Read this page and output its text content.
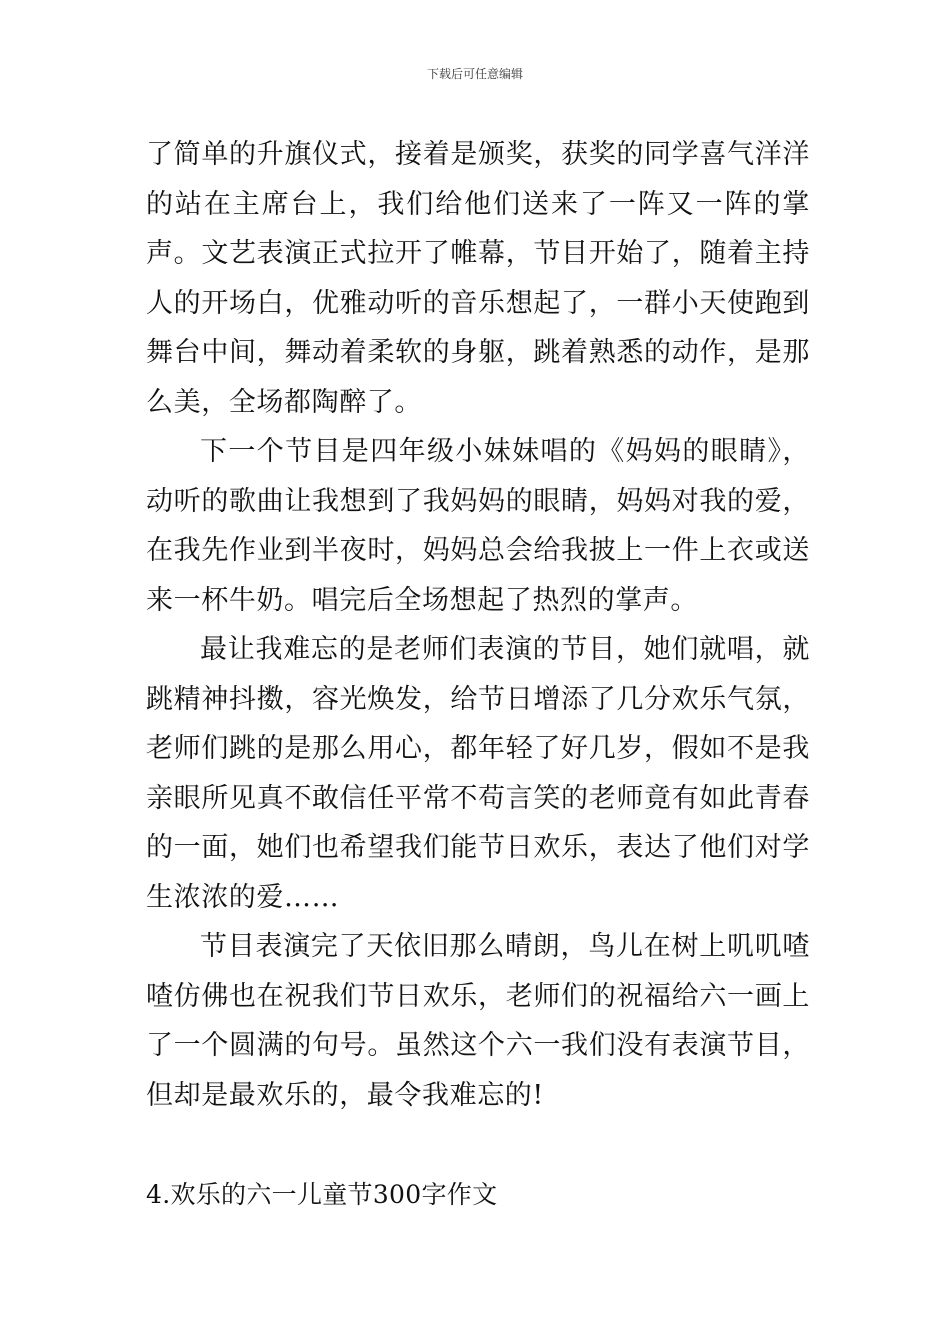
下载后可任意编辑

了简单的升旗仪式，接着是颁奖，获奖的同学喜气洋洋的站在主席台上，我们给他们送来了一阵又一阵的掌声。文艺表演正式拉开了帷幕，节目开始了，随着主持人的开场白，优雅动听的音乐想起了，一群小天使跑到舞台中间，舞动着柔软的身躯，跳着熟悉的动作，是那么美，全场都陶醉了。

下一个节目是四年级小妹妹唱的《妈妈的眼睛》，动听的歌曲让我想到了我妈妈的眼睛，妈妈对我的爱，在我先作业到半夜时，妈妈总会给我披上一件上衣或送来一杯牛奶。唱完后全场想起了热烈的掌声。

最让我难忘的是老师们表演的节目，她们就唱，就跳精神抖擞，容光焕发，给节日增添了几分欢乐气氛，老师们跳的是那么用心，都年轻了好几岁，假如不是我亲眼所见真不敢信任平常不苟言笑的老师竟有如此青春的一面，她们也希望我们能节日欢乐，表达了他们对学生浓浓的爱……

节目表演完了天依旧那么晴朗，鸟儿在树上叽叽喳喳仿佛也在祝我们节日欢乐，老师们的祝福给六一画上了一个圆满的句号。虽然这个六一我们没有表演节目，但却是最欢乐的，最令我难忘的!

4.欢乐的六一儿童节300字作文
